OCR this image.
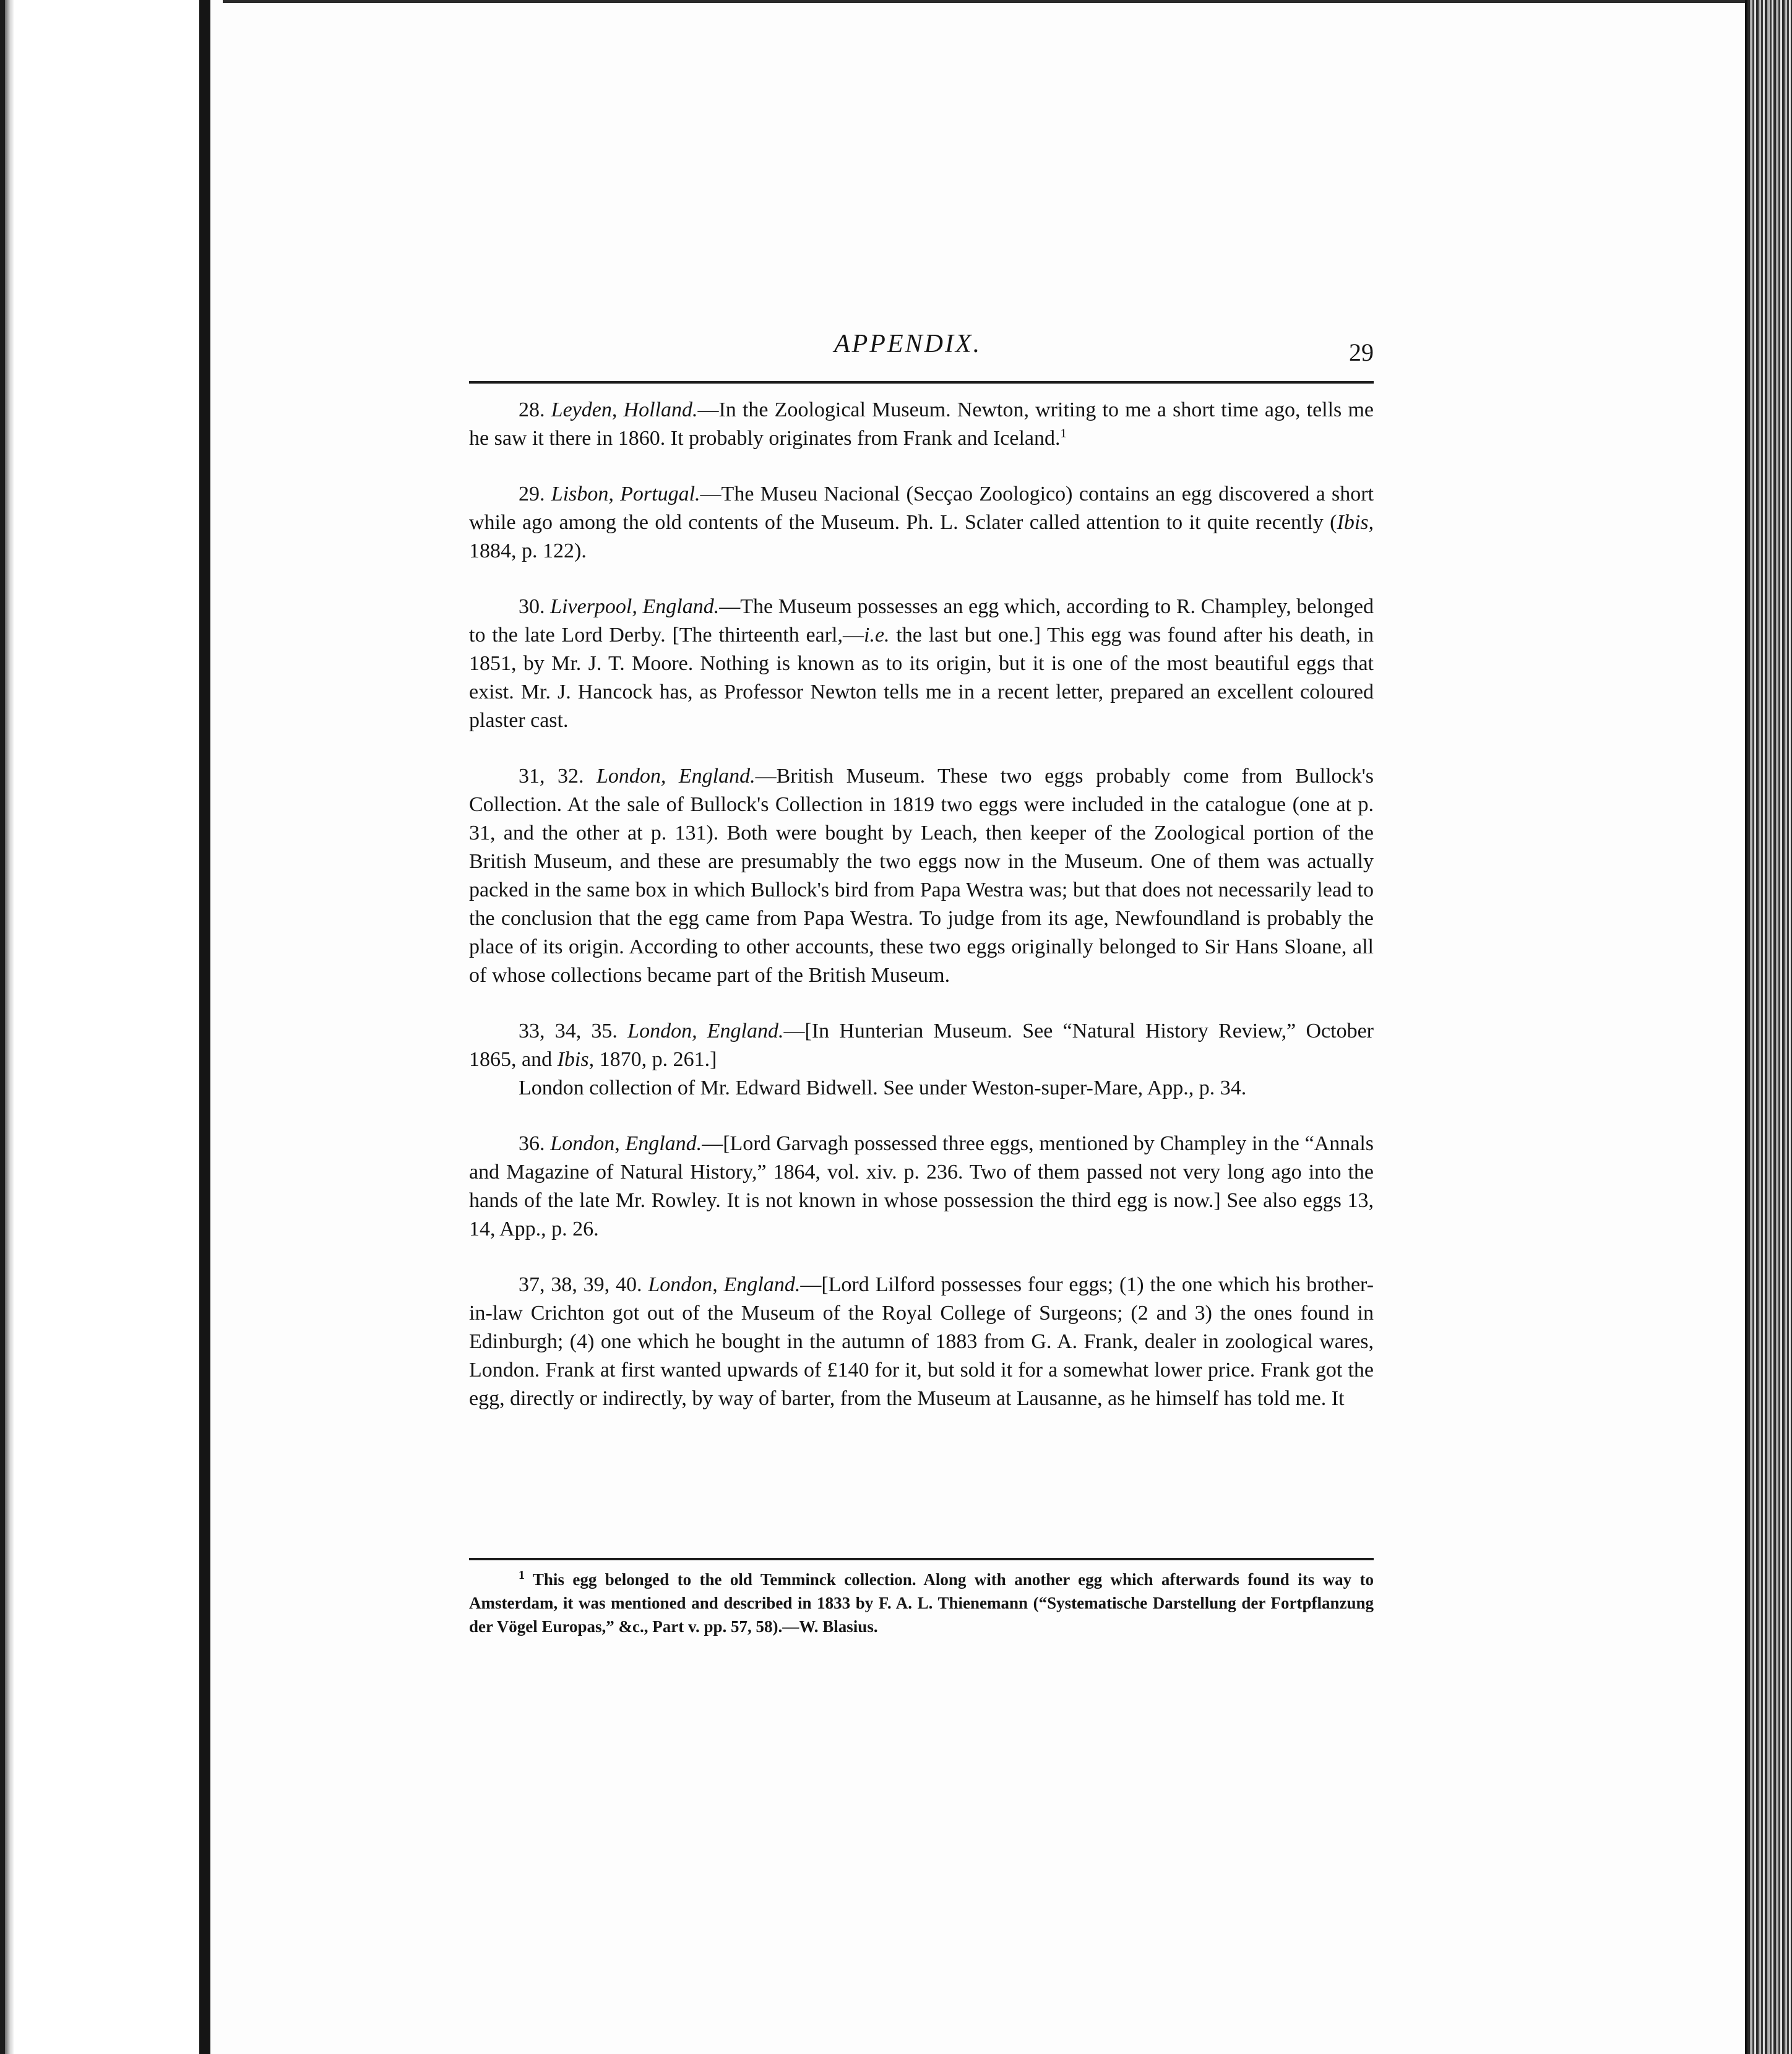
APPENDIX.	29

28. Leyden, Holland.—In the Zoological Museum. Newton, writing to me a short time ago, tells me he saw it there in 1860. It probably originates from Frank and Iceland.$^1$

29. Lisbon, Portugal.—The Museu Nacional (Secçao Zoologico) contains an egg discovered a short while ago among the old contents of the Museum. Ph. L. Sclater called attention to it quite recently (Ibis, 1884, p. 122).

30. Liverpool, England.—The Museum possesses an egg which, according to R. Champley, belonged to the late Lord Derby. [The thirteenth earl,—i.e. the last but one.] This egg was found after his death, in 1851, by Mr. J. T. Moore. Nothing is known as to its origin, but it is one of the most beautiful eggs that exist. Mr. J. Hancock has, as Professor Newton tells me in a recent letter, prepared an excellent coloured plaster cast.

31, 32. London, England.—British Museum. These two eggs probably come from Bullock's Collection. At the sale of Bullock's Collection in 1819 two eggs were included in the catalogue (one at p. 31, and the other at p. 131). Both were bought by Leach, then keeper of the Zoological portion of the British Museum, and these are presumably the two eggs now in the Museum. One of them was actually packed in the same box in which Bullock's bird from Papa Westra was; but that does not necessarily lead to the conclusion that the egg came from Papa Westra. To judge from its age, Newfoundland is probably the place of its origin. According to other accounts, these two eggs originally belonged to Sir Hans Sloane, all of whose collections became part of the British Museum.

33, 34, 35. London, England.—[In Hunterian Museum. See “Natural History Review,” October 1865, and Ibis, 1870, p. 261.]

London collection of Mr. Edward Bidwell. See under Weston-super-Mare, App., p. 34.

36. London, England.—[Lord Garvagh possessed three eggs, mentioned by Champley in the “Annals and Magazine of Natural History,” 1864, vol. xiv. p. 236. Two of them passed not very long ago into the hands of the late Mr. Rowley. It is not known in whose possession the third egg is now.] See also eggs 13, 14, App., p. 26.

37, 38, 39, 40. London, England.—[Lord Lilford possesses four eggs; (1) the one which his brother-in-law Crichton got out of the Museum of the Royal College of Surgeons; (2 and 3) the ones found in Edinburgh; (4) one which he bought in the autumn of 1883 from G. A. Frank, dealer in zoological wares, London. Frank at first wanted upwards of £140 for it, but sold it for a somewhat lower price. Frank got the egg, directly or indirectly, by way of barter, from the Museum at Lausanne, as he himself has told me. It

$^1$ This egg belonged to the old Temminck collection. Along with another egg which afterwards found its way to Amsterdam, it was mentioned and described in 1833 by F. A. L. Thienemann (“Systematische Darstellung der Fortpflanzung der Vögel Europas,” &c., Part v. pp. 57, 58).—W. Blasius.
